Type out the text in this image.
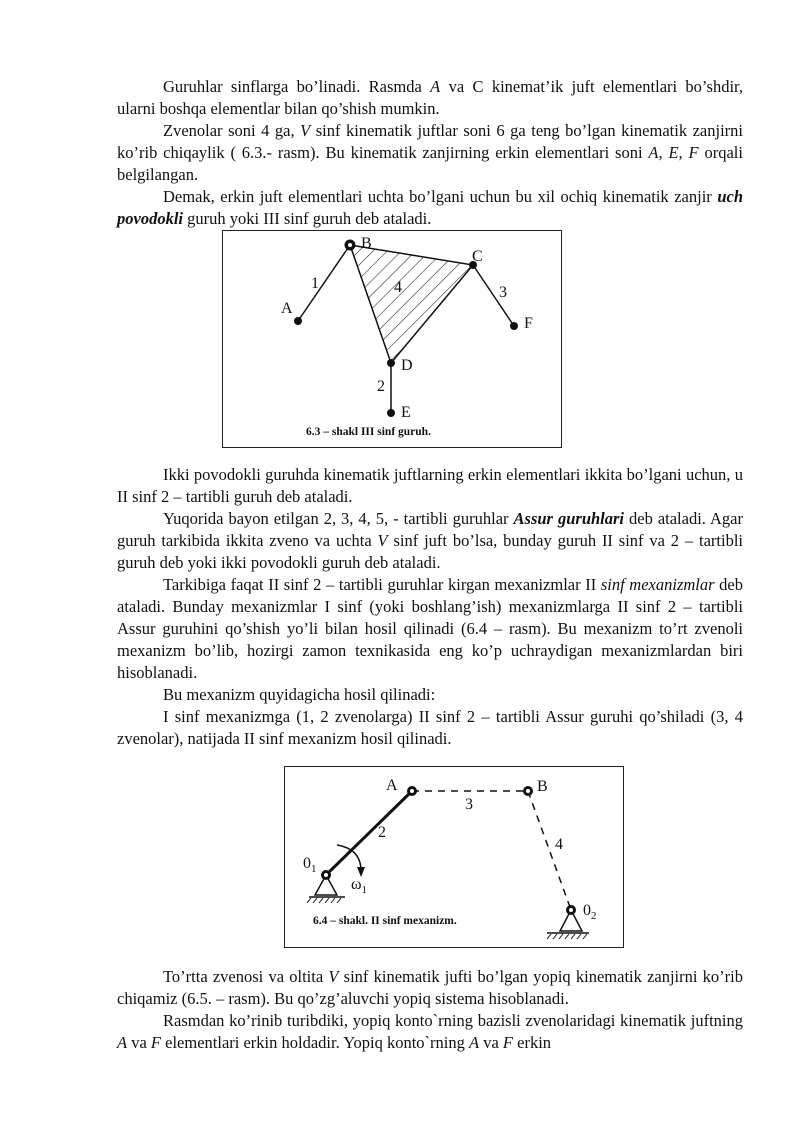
Guruhlar sinflarga bo’linadi. Rasmda A va C kinemat’ik juft elementlari bo’shdir, ularni boshqa elementlar bilan qo’shish mumkin.

Zvenolar soni 4 ga, V sinf kinematik juftlar soni 6 ga teng bo’lgan kinematik zanjirni ko’rib chiqaylik ( 6.3.- rasm). Bu kinematik zanjirning erkin elementlari soni A, E, F orqali belgilangan.

Demak, erkin juft elementlari uchta bo’lgani uchun bu xil ochiq kinematik zanjir uch povodokli guruh yoki III sinf guruh deb ataladi.

Ikki povodokli guruhda kinematik juftlarning erkin elementlari ikkita bo’lgani uchun, u II sinf 2 – tartibli guruh deb ataladi.

Yuqorida bayon etilgan 2, 3, 4, 5, - tartibli guruhlar Assur guruhlari deb ataladi. Agar guruh tarkibida ikkita zveno va uchta V sinf juft bo’lsa, bunday guruh II sinf va 2 – tartibli guruh deb yoki ikki povodokli guruh deb ataladi.

Tarkibiga faqat II sinf 2 – tartibli guruhlar kirgan mexanizmlar II sinf mexanizmlar deb ataladi. Bunday mexanizmlar I sinf (yoki boshlang’ish) mexanizmlarga II sinf 2 – tartibli Assur guruhini qo’shish yo’li bilan hosil qilinadi (6.4 – rasm). Bu mexanizm to’rt zvenoli mexanizm bo’lib, hozirgi zamon texnikasida eng ko’p uchraydigan mexanizmlardan biri hisoblanadi.

Bu mexanizm quyidagicha hosil qilinadi:

I sinf mexanizmga (1, 2 zvenolarga) II sinf 2 – tartibli Assur guruhi qo’shiladi (3, 4 zvenolar), natijada II sinf mexanizm hosil qilinadi.

To’rtta zvenosi va oltita V sinf kinematik jufti bo’lgan yopiq kinematik zanjirni ko’rib chiqamiz (6.5. – rasm). Bu qo’zg’aluvchi yopiq sistema hisoblanadi.

Rasmdan ko’rinib turibdiki, yopiq konto`rning bazisli zvenolaridagi kinematik juftning A va F elementlari erkin holdadir. Yopiq konto`rning A va F erkin

B
C
A
F
D
E
1
2
3
4
6.3 – shakl III sinf guruh.
A	B
2
3
4
$0_1$
$0_2$
$\omega_1$
6.4 – shakl. II sinf mexanizm.
